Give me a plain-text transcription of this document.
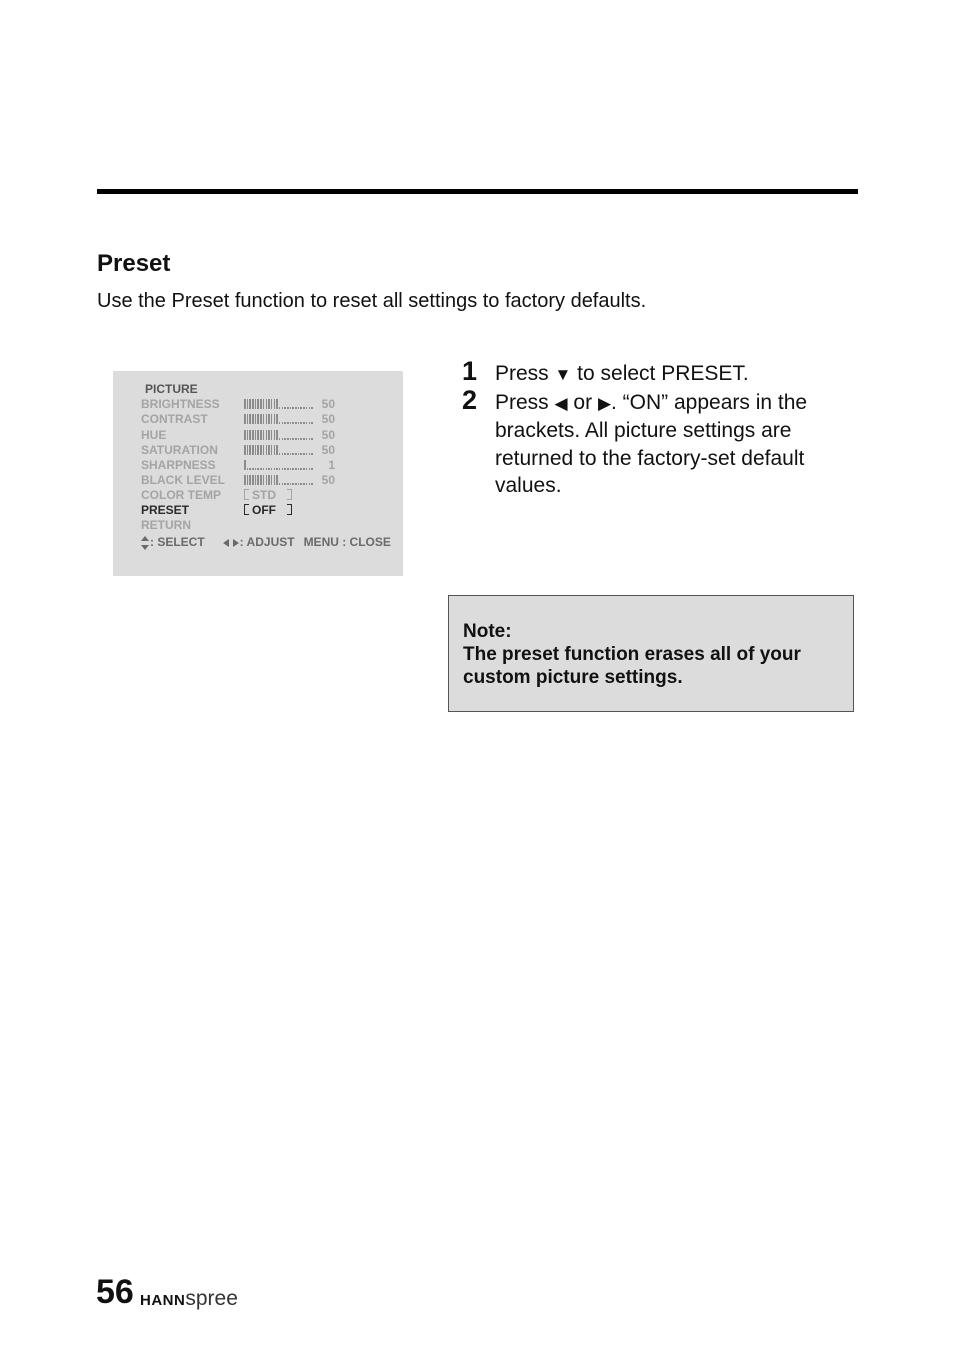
Preset

Use the Preset function to reset all settings to factory defaults.

PICTURE
BRIGHTNESS	50
CONTRAST	50
HUE	50
SATURATION	50
SHARPNESS	1
BLACK LEVEL	50
COLOR TEMP	STD
PRESET	OFF
RETURN
: SELECT	: ADJUST MENU : CLOSE
1 Press ▼ to select PRESET.
2 Press ◀ or ▶. “ON” appears in the brackets. All picture settings are returned to the factory-set default values.
Note:
The preset function erases all of your custom picture settings.
56 HANNspree
